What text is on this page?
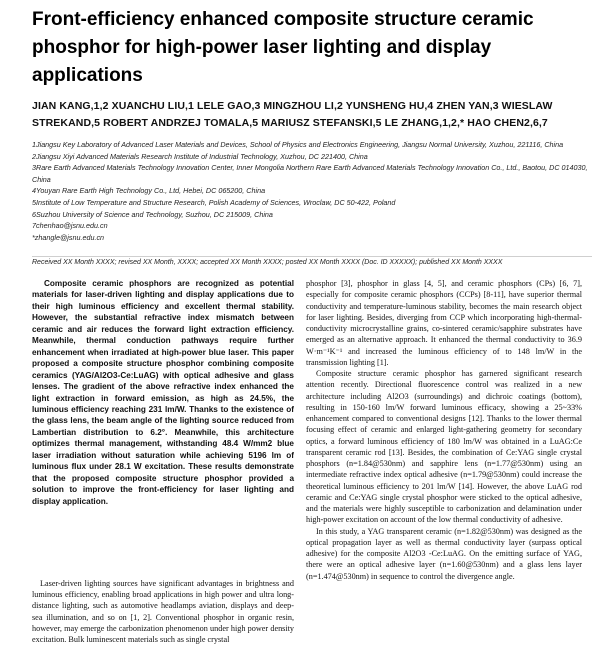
Front-efficiency enhanced composite structure ceramic phosphor for high-power laser lighting and display applications
JIAN KANG,1,2 XUANCHU LIU,1 LELE GAO,3 MINGZHOU LI,2 YUNSHENG HU,4 ZHEN YAN,3 WIESLAW STREKAND,5 ROBERT ANDRZEJ TOMALA,5 MARIUSZ STEFANSKI,5 LE ZHANG,1,2,* HAO CHEN2,6,7

1Jiangsu Key Laboratory of Advanced Laser Materials and Devices, School of Physics and Electronics Engineering, Jiangsu Normal University, Xuzhou, 221116, China

2Jiangsu Xiyi Advanced Materials Research Institute of Industrial Technology, Xuzhou, DC 221400, China

3Rare Earth Advanced Materials Technology Innovation Center, Inner Mongolia Northern Rare Earth Advanced Materials Technology Innovation Co., Ltd., Baotou, DC 014030, China

4Youyan Rare Earth High Technology Co., Ltd, Hebei, DC 065200, China

5Institute of Low Temperature and Structure Research, Polish Academy of Sciences, Wroclaw, DC 50-422, Poland

6Suzhou University of Science and Technology, Suzhou, DC 215009, China

7chenhao@jsnu.edu.cn

*zhangle@jsnu.edu.cn

Received XX Month XXXX; revised XX Month, XXXX; accepted XX Month XXXX; posted XX Month XXXX (Doc. ID XXXXX); published XX Month XXXX

Composite ceramic phosphors are recognized as potential materials for laser-driven lighting and display applications due to their high luminous efficiency and excellent thermal stability. However, the substantial refractive index mismatch between ceramic and air reduces the forward light extraction efficiency. Meanwhile, thermal conduction pathways require further enhancement when irradiated at high-power blue laser. This paper proposed a composite structure phosphor combining composite ceramics (YAG/Al2O3-Ce:LuAG) with optical adhesive and glass lenses. The gradient of the above refractive index enhanced the light extraction in forward emission, as high as 24.5%, the luminous efficiency reaching 231 lm/W. Thanks to the existence of the glass lens, the beam angle of the lighting source reduced from Lambertian distribution to 6.2°. Meanwhile, this architecture optimizes thermal management, withstanding 48.4 W/mm2 blue laser irradiation without saturation while achieving 5196 lm of luminous flux under 28.1 W excitation. These results demonstrate that the proposed composite structure phosphor provided a solution to improve the front-efficiency for laser lighting and display application.

Laser-driven lighting sources have significant advantages in brightness and luminous efficiency, enabling broad applications in high power and ultra long-distance lighting, such as automotive headlamps aviation, displays and deep-sea illumination, and so on [1, 2]. Conventional phosphor in organic resin, however, may emerge the carbonization phenomenon under high power density excitation. Bulk luminescent materials such as single crystal

phosphor [3], phosphor in glass [4, 5], and ceramic phosphors (CPs) [6, 7], especially for composite ceramic phosphors (CCPs) [8-11], have superior thermal conductivity and temperature-luminous stability, becomes the main research object for laser lighting. Besides, diverging from CCP which incorporating high-thermal-conductivity microcrystalline grains, co-sintered ceramic/sapphire substrates have emerged as an alternative approach. It enhanced the thermal conductivity to 36.9 W·m⁻¹K⁻¹ and increased the luminous efficiency of to 148 lm/W in the transmission lighting [1].

Composite structure ceramic phosphor has garnered significant research attention recently. Directional fluorescence control was realized in a new architecture including Al2O3 (surroundings) and dichroic coatings (bottom), resulting in 150-160 lm/W forward luminous efficacy, showing a 25~33% enhancement compared to conventional designs [12]. Thanks to the lower thermal focusing effect of ceramic and enlarged light-gathering geometry for secondary optics, a forward luminous efficiency of 180 lm/W was obtained in a LuAG:Ce transparent ceramic rod [13]. Besides, the combination of Ce:YAG single crystal phosphors (n=1.84@530nm) and sapphire lens (n=1.77@530nm) using an intermediate refractive index optical adhesive (n=1.79@530nm) could increase the theoretical luminous efficiency to 201 lm/W [14]. However, the above LuAG rod ceramic and Ce:YAG single crystal phosphor were sticked to the optical adhesive, and the materials were highly susceptible to carbonization and delamination under high-power excitation on account of the low thermal conductivity of adhesive.

In this study, a YAG transparent ceramic (n=1.82@530nm) was designed as the optical propagation layer as well as thermal conductivity layer (surpass optical adhesive) for the composite Al2O3 -Ce:LuAG. On the emitting surface of YAG, there were an optical adhesive layer (n=1.60@530nm) and a glass lens layer (n=1.474@530nm) in sequence to control the divergence angle.
